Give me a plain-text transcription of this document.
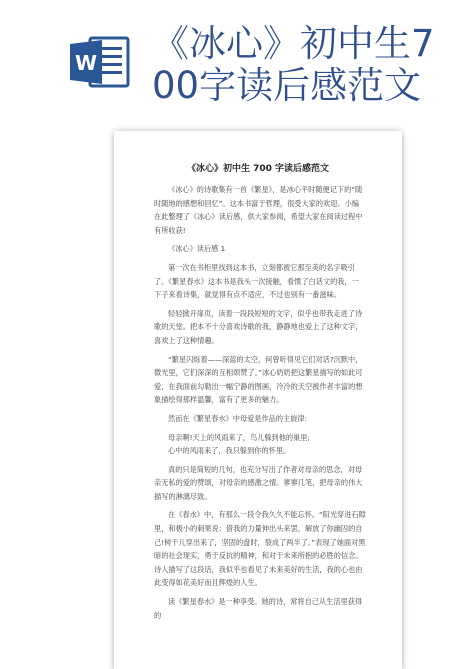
W 《冰心》初中生7
00字读后感范文
《冰心》初中生 700 字读后感范文

《冰心》的诗歌集有一首《繁星》，是冰心平时随便记下的“随时随地的感想和回忆”。这本书富于哲理，很受大家的欢迎。小编在此整理了《冰心》读后感，供大家参阅，希望大家在阅读过程中有所收获!

《冰心》读后感 1

第一次在书柜里找到这本书，立刻都被它那至美的名字吸引了。《繁星春水》这本书是我头一次接触，看惯了白话文的我，一下子来看诗集，就觉得有点不适应，不过也别有一番滋味。

轻轻掀开扉页，读着一段段短短的文字，似乎也带我走进了诗歌的天堂。把本不十分喜欢诗歌的我，静静地也爱上了这种文字，喜欢上了这种情趣。

“繁星闪烁着——深蓝的太空，何曾听得见它们对话?沉默中，微光里，它们深深的互相颂赞了。”冰心奶奶把这繁星描写的如此可爱，在我面前勾勒出一幅宁静的图画，冷冷的天空被作者丰富的想象描绘得那样温馨，富有了更多的魅力。

然而在《繁星春水》中母爱是作品的主旋律:

母亲啊!天上的风雨来了，鸟儿躲到他的巢里;

心中的风雨来了，我只躲到你的怀里。

真的只是简短的几句，也充分写出了作者对母亲的思念，对母亲无私的爱的赞颂，对母亲的感激之情。寥寥几笔，把母亲的伟大描写的淋漓尽致。

在《春水》中，有那么一段令我久久不能忘怀。“阳光穿进石隙里，和极小的刺果说：借我的力量伸出头来罢，解放了你幽囚的自己!树干儿穿出来了，坚固的盘时，裂成了两半了。”表现了她面对黑暗的社会现实，勇于反抗的精神，和对于未来所抱的必胜的信念。诗人描写了这段话，我似乎也看见了未来美好的生活，我的心也由此变得如花美好而且辉煌的人生。

读《繁星春水》是一种享受。她的诗，常将自己从生活里获得的
